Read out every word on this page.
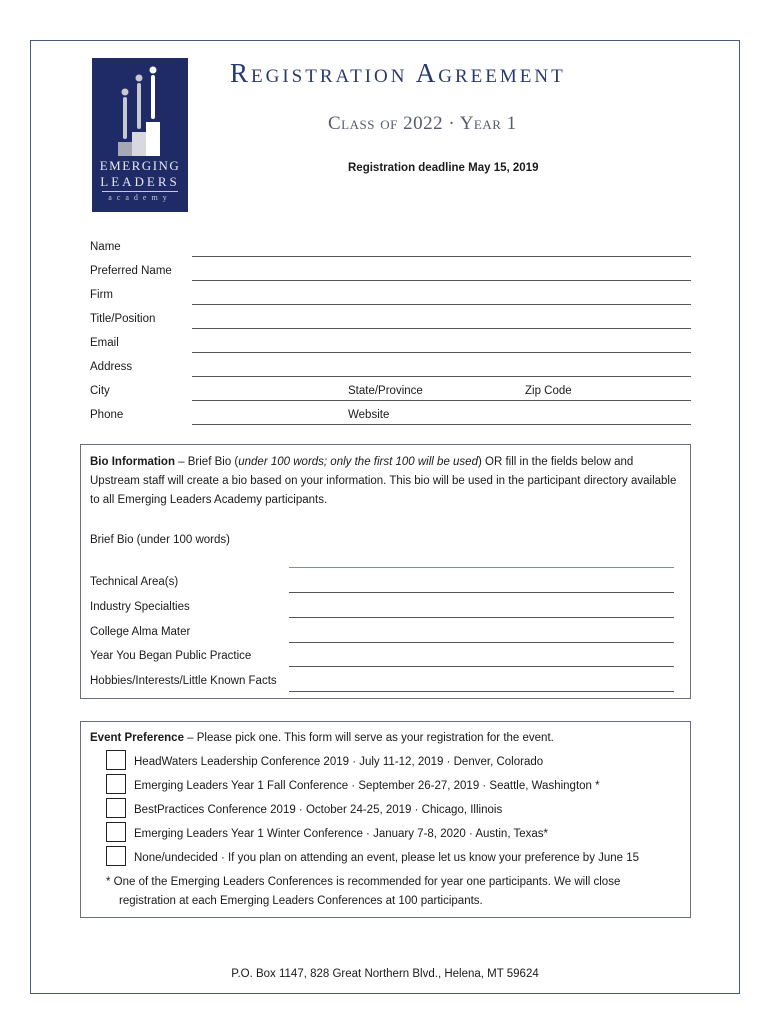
EMERGING
LEADERS
academy
Registration Agreement
Class of 2022 · Year 1
Registration deadline May 15, 2019
Name
Preferred Name
Firm
Title/Position
Email
Address
City	State/Province	Zip Code
Phone	Website
Bio Information – Brief Bio (under 100 words; only the first 100 will be used) OR fill in the fields below and Upstream staff will create a bio based on your information. This bio will be used in the participant directory available to all Emerging Leaders Academy participants.
Brief Bio (under 100 words)
Technical Area(s)
Industry Specialties
College Alma Mater
Year You Began Public Practice
Hobbies/Interests/Little Known Facts
Event Preference – Please pick one. This form will serve as your registration for the event.
HeadWaters Leadership Conference 2019 · July 11-12, 2019 · Denver, Colorado
Emerging Leaders Year 1 Fall Conference · September 26-27, 2019 · Seattle, Washington *
BestPractices Conference 2019 · October 24-25, 2019 · Chicago, Illinois
Emerging Leaders Year 1 Winter Conference · January 7-8, 2020 · Austin, Texas*
None/undecided · If you plan on attending an event, please let us know your preference by June 15
* One of the Emerging Leaders Conferences is recommended for year one participants. We will close
registration at each Emerging Leaders Conferences at 100 participants.
P.O. Box 1147, 828 Great Northern Blvd., Helena, MT 59624
